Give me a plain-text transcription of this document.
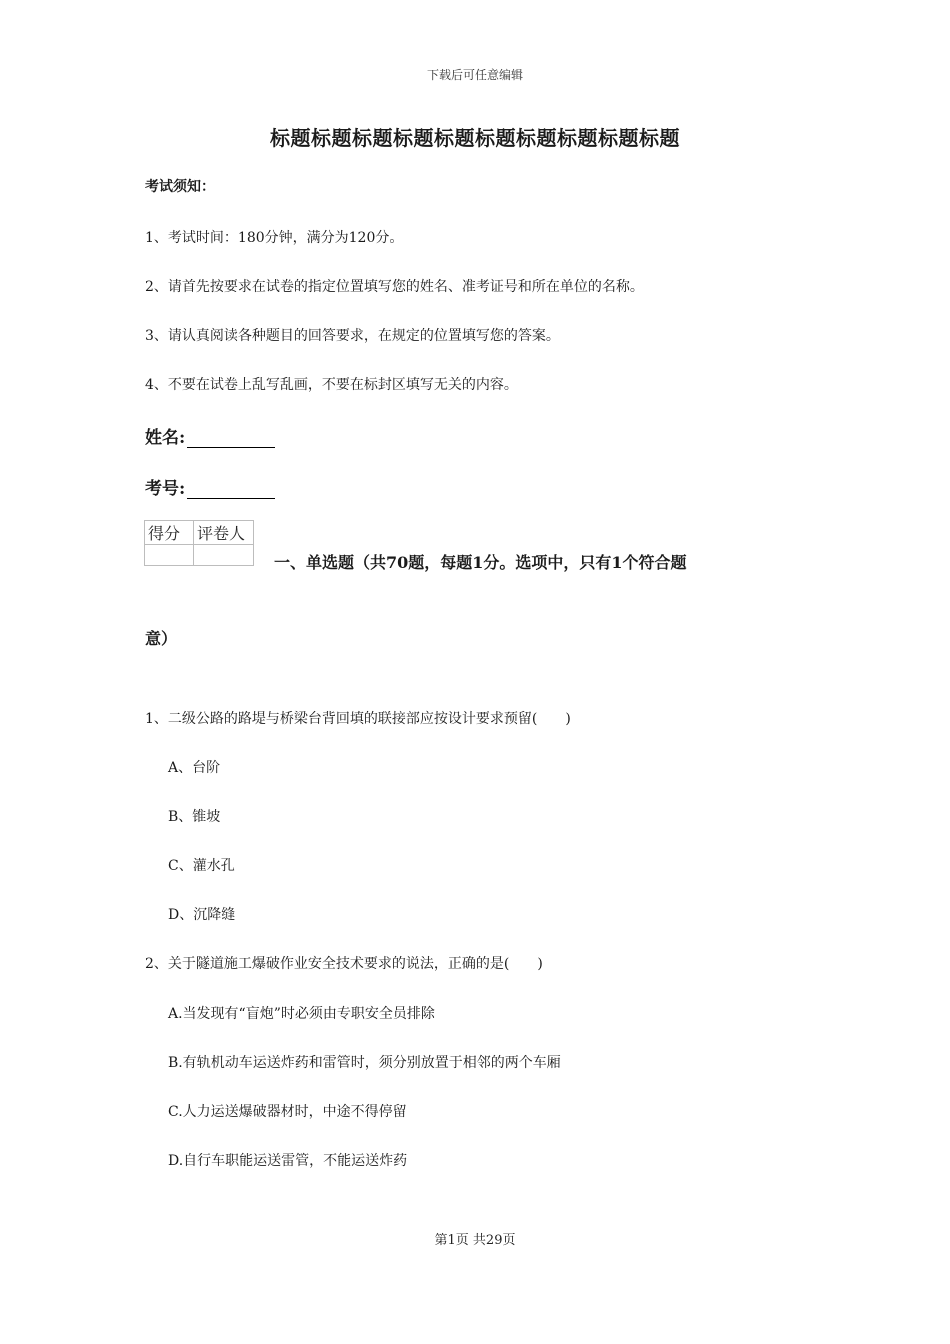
下载后可任意编辑
标题标题标题标题标题标题标题标题标题标题
考试须知：
1、考试时间：180分钟，满分为120分。
2、请首先按要求在试卷的指定位置填写您的姓名、准考证号和所在单位的名称。
3、请认真阅读各种题目的回答要求，在规定的位置填写您的答案。
4、不要在试卷上乱写乱画，不要在标封区填写无关的内容。
姓名:
考号:
得分	评卷人

一、单选题（共70题，每题1分。选项中，只有1个符合题
意）
1、二级公路的路堤与桥梁台背回填的联接部应按设计要求预留(　　)
A、台阶
B、锥坡
C、灌水孔
D、沉降缝
2、关于隧道施工爆破作业安全技术要求的说法，正确的是(　　)
A.当发现有“盲炮”时必须由专职安全员排除
B.有轨机动车运送炸药和雷管时，须分别放置于相邻的两个车厢
C.人力运送爆破器材时，中途不得停留
D.自行车职能运送雷管，不能运送炸药
第1页 共29页
